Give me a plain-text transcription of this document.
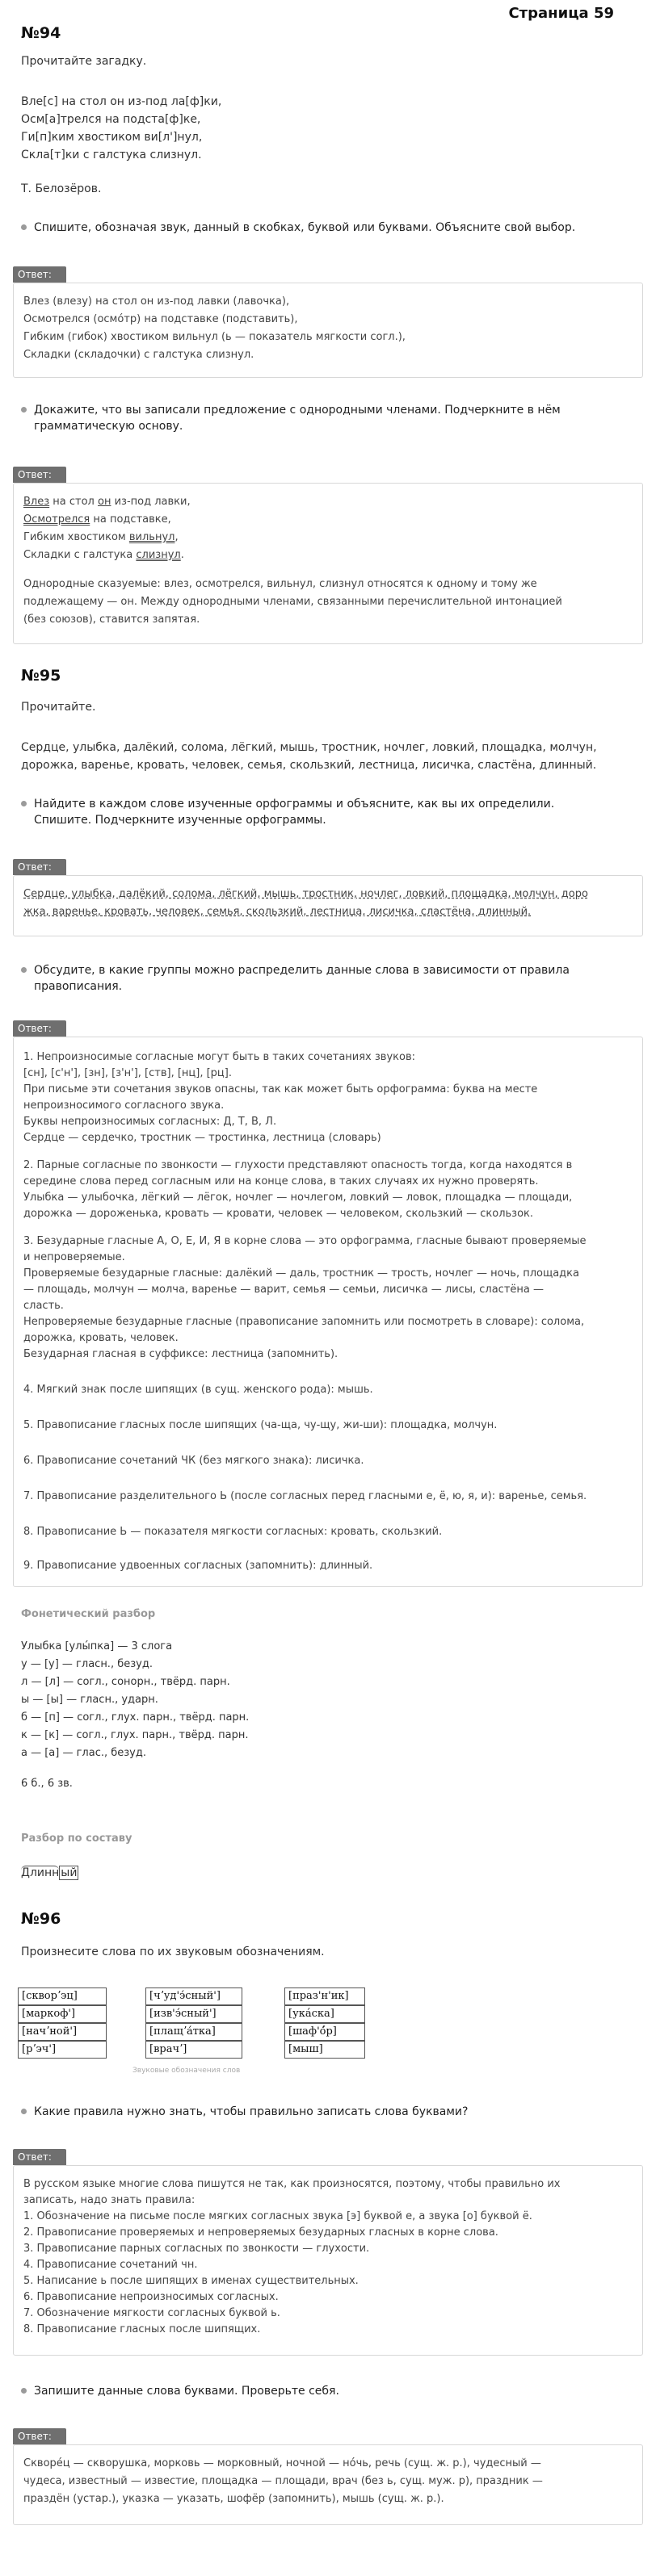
Страница 59
№94
Прочитайте загадку.
Вле[с] на стол он из-под ла[ф]ки,
Осм[а]трелся на подста[ф]ке,
Ги[п]ким хвостиком ви[л']нул,
Скла[т]ки с галстука слизнул.
Т. Белозёров.
Спишите, обозначая звук, данный в скобках, буквой или буквами. Объясните свой выбор.
Ответ:
Влез (влезу) на стол он из-под лавки (лавочка),
Осмотрелся (осмо́тр) на подставке (подставить),
Гибким (гибок) хвостиком вильнул (ь — показатель мягкости согл.),
Складки (складочки) с галстука слизнул.
Докажите, что вы записали предложение с однородными членами. Подчеркните в нём
грамматическую основу.
Ответ:
Влез на стол он из-под лавки,
Осмотрелся на подставке,
Гибким хвостиком вильнул,
Складки с галстука слизнул.
Однородные сказуемые: влез, осмотрелся, вильнул, слизнул относятся к одному и тому же
подлежащему — он. Между однородными членами, связанными перечислительной интонацией
(без союзов), ставится запятая.
№95
Прочитайте.
Сердце, улыбка, далёкий, солома, лёгкий, мышь, тростник, ночлег, ловкий, площадка, молчун,
дорожка, варенье, кровать, человек, семья, скользкий, лестница, лисичка, сластёна, длинный.
Найдите в каждом слове изученные орфограммы и объясните, как вы их определили.
Спишите. Подчеркните изученные орфограммы.
Ответ:
Сердце, улыбка, далёкий, солома, лёгкий, мышь, тростник, ночлег, ловкий, площадка, молчун, доро
жка, варенье, кровать, человек, семья, скользкий, лестница, лисичка, сластёна, длинный.
Обсудите, в какие группы можно распределить данные слова в зависимости от правила
правописания.
Ответ:
1. Непроизносимые согласные могут быть в таких сочетаниях звуков:
[сн], [с'н'], [зн], [з'н'], [ств], [нц], [рц].
При письме эти сочетания звуков опасны, так как может быть орфограмма: буква на месте
непроизносимого согласного звука.
Буквы непроизносимых согласных: Д, Т, В, Л.
Сердце — сердечко, тростник — тростинка, лестница (словарь)
2. Парные согласные по звонкости — глухости представляют опасность тогда, когда находятся в
середине слова перед согласным или на конце слова, в таких случаях их нужно проверять.
Улыбка — улыбочка, лёгкий — лёгок, ночлег — ночлегом, ловкий — ловок, площадка — площади,
дорожка — дороженька, кровать — кровати, человек — человеком, скользкий — скользок.
3. Безударные гласные А, О, Е, И, Я в корне слова — это орфограмма, гласные бывают проверяемые
и непроверяемые.
Проверяемые безударные гласные: далёкий — даль, тростник — трость, ночлег — ночь, площадка
— площадь, молчун — молча, варенье — варит, семья — семьи, лисичка — лисы, сластёна —
сласть.
Непроверяемые безударные гласные (правописание запомнить или посмотреть в словаре): солома,
дорожка, кровать, человек.
Безударная гласная в суффиксе: лестница (запомнить).
4. Мягкий знак после шипящих (в сущ. женского рода): мышь.
5. Правописание гласных после шипящих (ча-ща, чу-щу, жи-ши): площадка, молчун.
6. Правописание сочетаний ЧК (без мягкого знака): лисичка.
7. Правописание разделительного Ь (после согласных перед гласными е, ё, ю, я, и): варенье, семья.
8. Правописание Ь — показателя мягкости согласных: кровать, скользкий.
9. Правописание удвоенных согласных (запомнить): длинный.
Фонетический разбор
Улыбка [улы́пка] — 3 слога
у — [у] — гласн., безуд.
л — [л] — согл., сонорн., твёрд. парн.
ы — [ы] — гласн., ударн.
б — [п] — согл., глух. парн., твёрд. парн.
к — [к] — согл., глух. парн., твёрд. парн.
а — [а] — глас., безуд.
6 б., 6 зв.
Разбор по составу
Длинн ый
№96
Произнесите слова по их звуковым обозначениям.
[скворʼэц]
[маркоф']
[начʼной']
[рʼэч']
[чʼуд'э́сный']
[изв'э́сный']
[плащʼа́тка]
[врачʼ]
[праз'н'ик]
[укáска]
[шаф'ó́р]
[мыш]
Звуковые обозначения слов
Какие правила нужно знать, чтобы правильно записать слова буквами?
Ответ:
В русском языке многие слова пишутся не так, как произносятся, поэтому, чтобы правильно их
записать, надо знать правила:
1. Обозначение на письме после мягких согласных звука [э] буквой е, а звука [о] буквой ё.
2. Правописание проверяемых и непроверяемых безударных гласных в корне слова.
3. Правописание парных согласных по звонкости — глухости.
4. Правописание сочетаний чн.
5. Написание ь после шипящих в именах существительных.
6. Правописание непроизносимых согласных.
7. Обозначение мягкости согласных буквой ь.
8. Правописание гласных после шипящих.
Запишите данные слова буквами. Проверьте себя.
Ответ:
Скворе́ц — скворушка, морковь — морковный, ночной — но́чь, речь (сущ. ж. р.), чудесный —
чудеса, известный — известие, площадка — площади, врач (без ь, сущ. муж. р), праздник —
праздён (устар.), указка — указать, шофёр (запомнить), мышь (сущ. ж. р.).
